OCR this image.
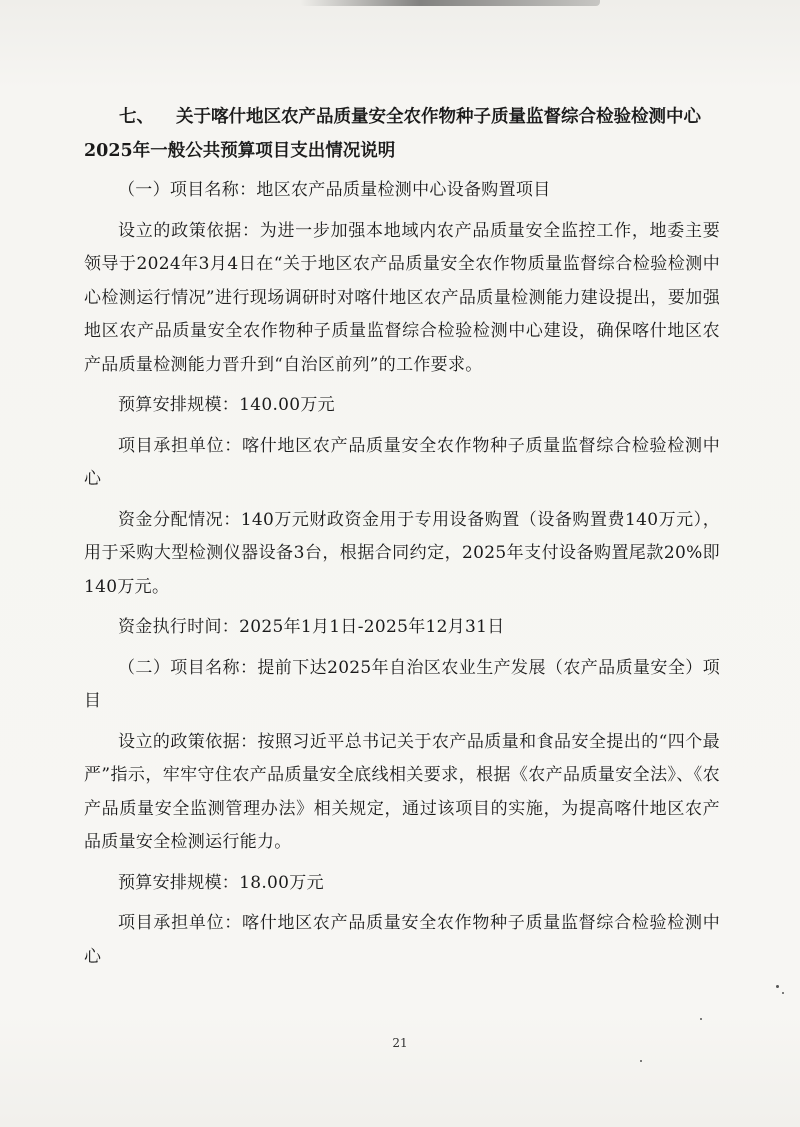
七、 关于喀什地区农产品质量安全农作物种子质量监督综合检验检测中心2025年一般公共预算项目支出情况说明

（一）项目名称：地区农产品质量检测中心设备购置项目

设立的政策依据：为进一步加强本地域内农产品质量安全监控工作，地委主要领导于2024年3月4日在“关于地区农产品质量安全农作物质量监督综合检验检测中心检测运行情况”进行现场调研时对喀什地区农产品质量检测能力建设提出，要加强地区农产品质量安全农作物种子质量监督综合检验检测中心建设，确保喀什地区农产品质量检测能力晋升到“自治区前列”的工作要求。

预算安排规模：140.00万元

项目承担单位：喀什地区农产品质量安全农作物种子质量监督综合检验检测中心

资金分配情况：140万元财政资金用于专用设备购置（设备购置费140万元），用于采购大型检测仪器设备3台，根据合同约定，2025年支付设备购置尾款20%即140万元。

资金执行时间：2025年1月1日-2025年12月31日

（二）项目名称：提前下达2025年自治区农业生产发展（农产品质量安全）项目

设立的政策依据：按照习近平总书记关于农产品质量和食品安全提出的“四个最严”指示，牢牢守住农产品质量安全底线相关要求，根据《农产品质量安全法》、《农产品质量安全监测管理办法》相关规定，通过该项目的实施，为提高喀什地区农产品质量安全检测运行能力。

预算安排规模：18.00万元

项目承担单位：喀什地区农产品质量安全农作物种子质量监督综合检验检测中心

21
